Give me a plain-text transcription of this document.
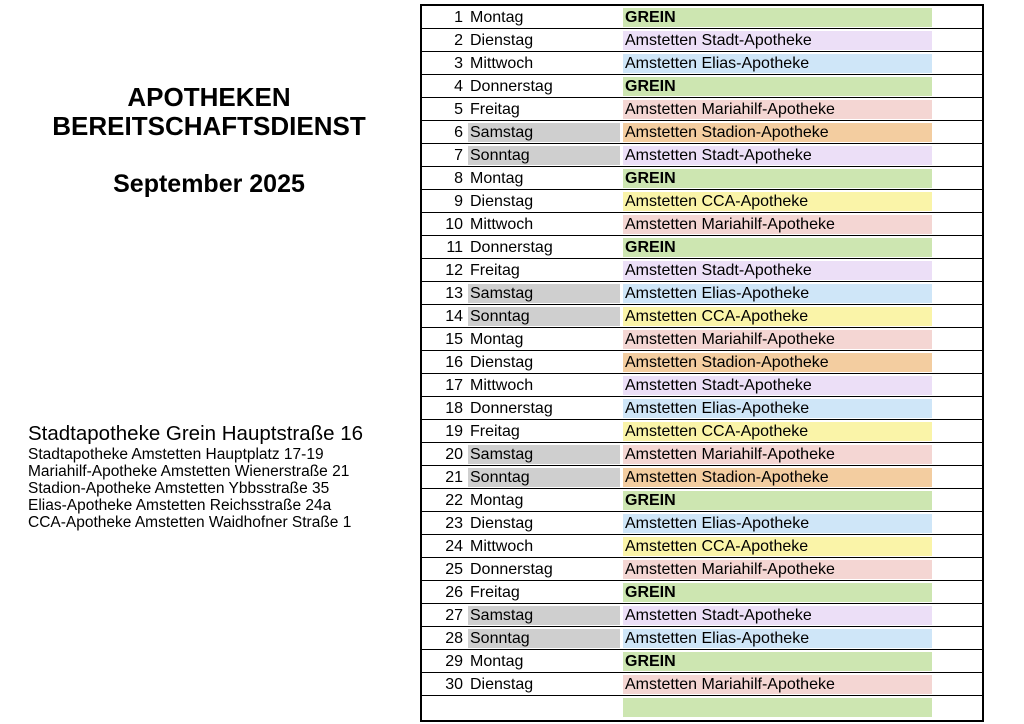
APOTHEKEN
BEREITSCHAFTSDIENST
September 2025
Stadtapotheke Grein Hauptstraße 16
Stadtapotheke Amstetten Hauptplatz 17-19
Mariahilf-Apotheke Amstetten Wienerstraße 21
Stadion-Apotheke Amstetten Ybbsstraße 35
Elias-Apotheke Amstetten Reichsstraße 24a
CCA-Apotheke Amstetten Waidhofner Straße 1
1 Montag	GREIN
2 Dienstag	Amstetten Stadt-Apotheke
3 Mittwoch	Amstetten Elias-Apotheke
4 Donnerstag	GREIN
5 Freitag	Amstetten Mariahilf-Apotheke
6 Samstag	Amstetten Stadion-Apotheke
7 Sonntag	Amstetten Stadt-Apotheke
8 Montag	GREIN
9 Dienstag	Amstetten CCA-Apotheke
10 Mittwoch	Amstetten Mariahilf-Apotheke
11 Donnerstag	GREIN
12 Freitag	Amstetten Stadt-Apotheke
13 Samstag	Amstetten Elias-Apotheke
14 Sonntag	Amstetten CCA-Apotheke
15 Montag	Amstetten Mariahilf-Apotheke
16 Dienstag	Amstetten Stadion-Apotheke
17 Mittwoch	Amstetten Stadt-Apotheke
18 Donnerstag	Amstetten Elias-Apotheke
19 Freitag	Amstetten CCA-Apotheke
20 Samstag	Amstetten Mariahilf-Apotheke
21 Sonntag	Amstetten Stadion-Apotheke
22 Montag	GREIN
23 Dienstag	Amstetten Elias-Apotheke
24 Mittwoch	Amstetten CCA-Apotheke
25 Donnerstag	Amstetten Mariahilf-Apotheke
26 Freitag	GREIN
27 Samstag	Amstetten Stadt-Apotheke
28 Sonntag	Amstetten Elias-Apotheke
29 Montag	GREIN
30 Dienstag	Amstetten Mariahilf-Apotheke
